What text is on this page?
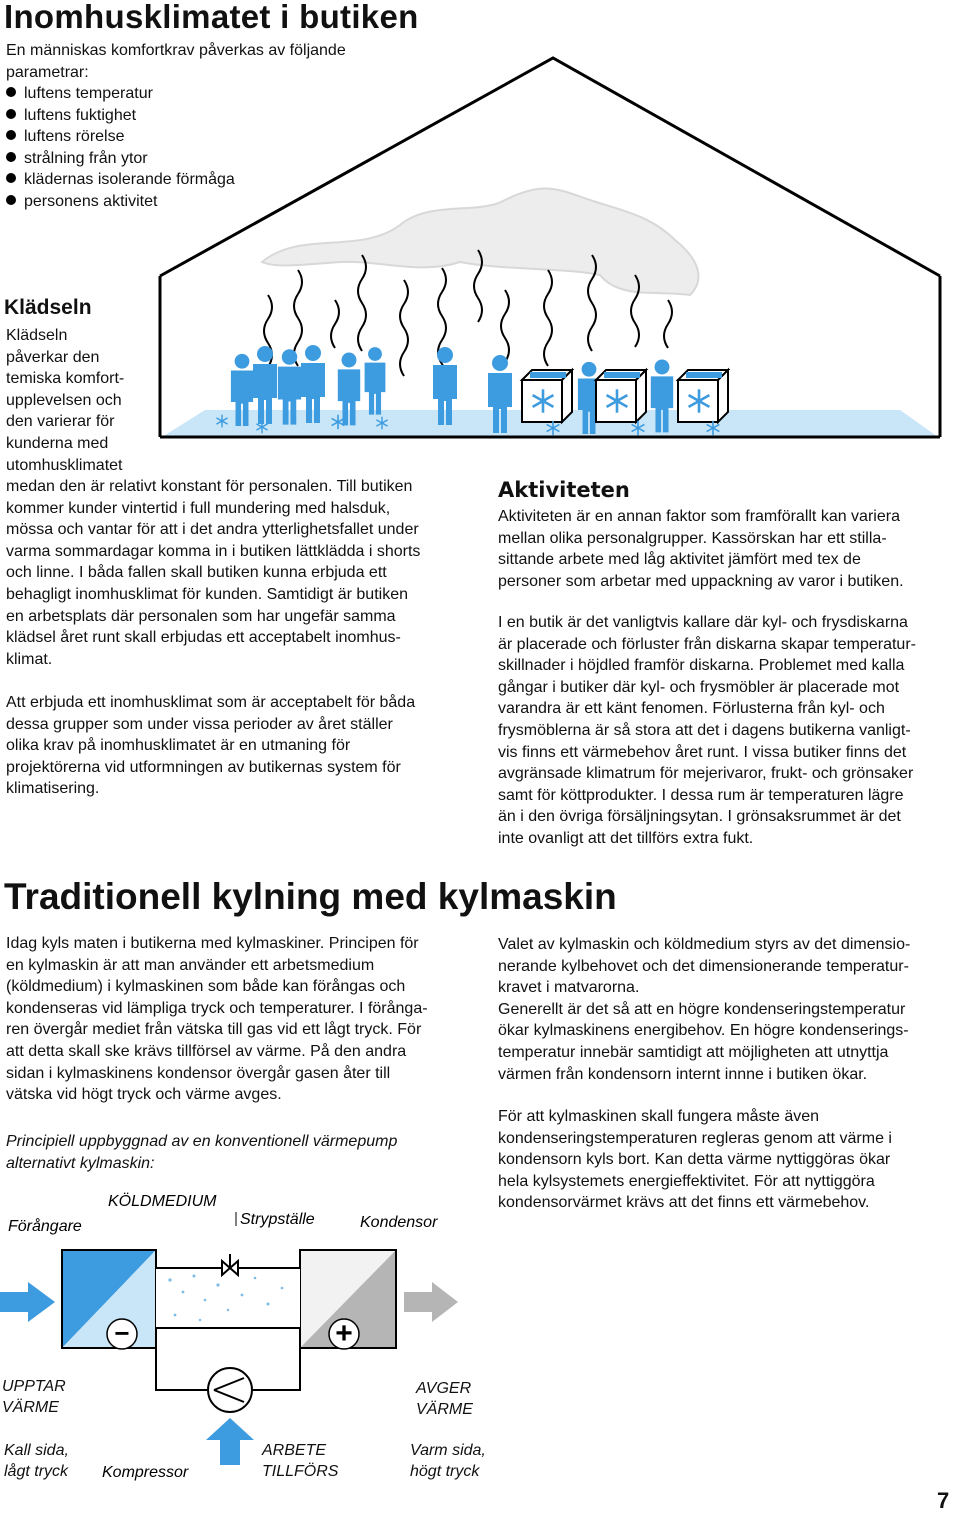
Inomhusklimatet i butiken
En människas komfortkrav påverkas av följande
parametrar:
luftens temperatur
luftens fuktighet
luftens rörelse
strålning från ytor
klädernas isolerande förmåga
personens aktivitet
Klädseln
Klädseln
påverkar den
temiska komfort-
upplevelsen och
den varierar för
kunderna med
utomhusklimatet
medan den är relativt konstant för personalen. Till butiken
kommer kunder vintertid i full mundering med halsduk,
mössa och vantar för att i det andra ytterlighetsfallet under
varma sommardagar komma in i butiken lättklädda i shorts
och linne. I båda fallen skall butiken kunna erbjuda ett
behagligt inomhusklimat för kunden. Samtidigt är butiken
en arbetsplats där personalen som har ungefär samma
klädsel året runt skall erbjudas ett acceptabelt inomhus-
klimat.
Att erbjuda ett inomhusklimat som är acceptabelt för båda
dessa grupper som under vissa perioder av året ställer
olika krav på inomhusklimatet är en utmaning för
projektörerna vid utformningen av butikernas system för
klimatisering.
Aktiviteten
Aktiviteten är en annan faktor som framförallt kan variera
mellan olika personalgrupper. Kassörskan har ett stilla-
sittande arbete med låg aktivitet jämfört med tex de
personer som arbetar med uppackning av varor i butiken.
I en butik är det vanligtvis kallare där kyl- och frysdiskarna
är placerade och förluster från diskarna skapar temperatur-
skillnader i höjdled framför diskarna. Problemet med kalla
gångar i butiker där kyl- och frysmöbler är placerade mot
varandra är ett känt fenomen. Förlusterna från kyl- och
frysmöblerna är så stora att det i dagens butikerna vanligt-
vis finns ett värmebehov året runt. I vissa butiker finns det
avgränsade klimatrum för mejerivaror, frukt- och grönsaker
samt för köttprodukter. I dessa rum är temperaturen lägre
än i den övriga försäljningsytan. I grönsaksrummet är det
inte ovanligt att det tillförs extra fukt.
Traditionell kylning med kylmaskin
Idag kyls maten i butikerna med kylmaskiner. Principen för
en kylmaskin är att man använder ett arbetsmedium
(köldmedium) i kylmaskinen som både kan förångas och
kondenseras vid lämpliga tryck och temperaturer. I förånga-
ren övergår mediet från vätska till gas vid ett lågt tryck. För
att detta skall ske krävs tillförsel av värme. På den andra
sidan i kylmaskinens kondensor övergår gasen åter till
vätska vid högt tryck och värme avges.
Principiell uppbyggnad av en konventionell värmepump
alternativt kylmaskin:
Valet av kylmaskin och köldmedium styrs av det dimensio-
nerande kylbehovet och det dimensionerande temperatur-
kravet i matvarorna.
Generellt är det så att en högre kondenseringstemperatur
ökar kylmaskinens energibehov. En högre kondenserings-
temperatur innebär samtidigt att möjligheten att utnyttja
värmen från kondensorn internt innne i butiken ökar.
För att kylmaskinen skall fungera måste även
kondenseringstemperaturen regleras genom att värme i
kondensorn kyls bort. Kan detta värme nyttiggöras ökar
hela kylsystemets energieffektivitet. För att nyttiggöra
kondensorvärmet krävs att det finns ett värmebehov.
−	+
KÖLDMEDIUM
Förångare	Strypställe	Kondensor
Kompressor
UPPTAR
VÄRME
AVGER
VÄRME
Kall sida,
lågt tryck
ARBETE
TILLFÖRS
Varm sida,
högt tryck
7
